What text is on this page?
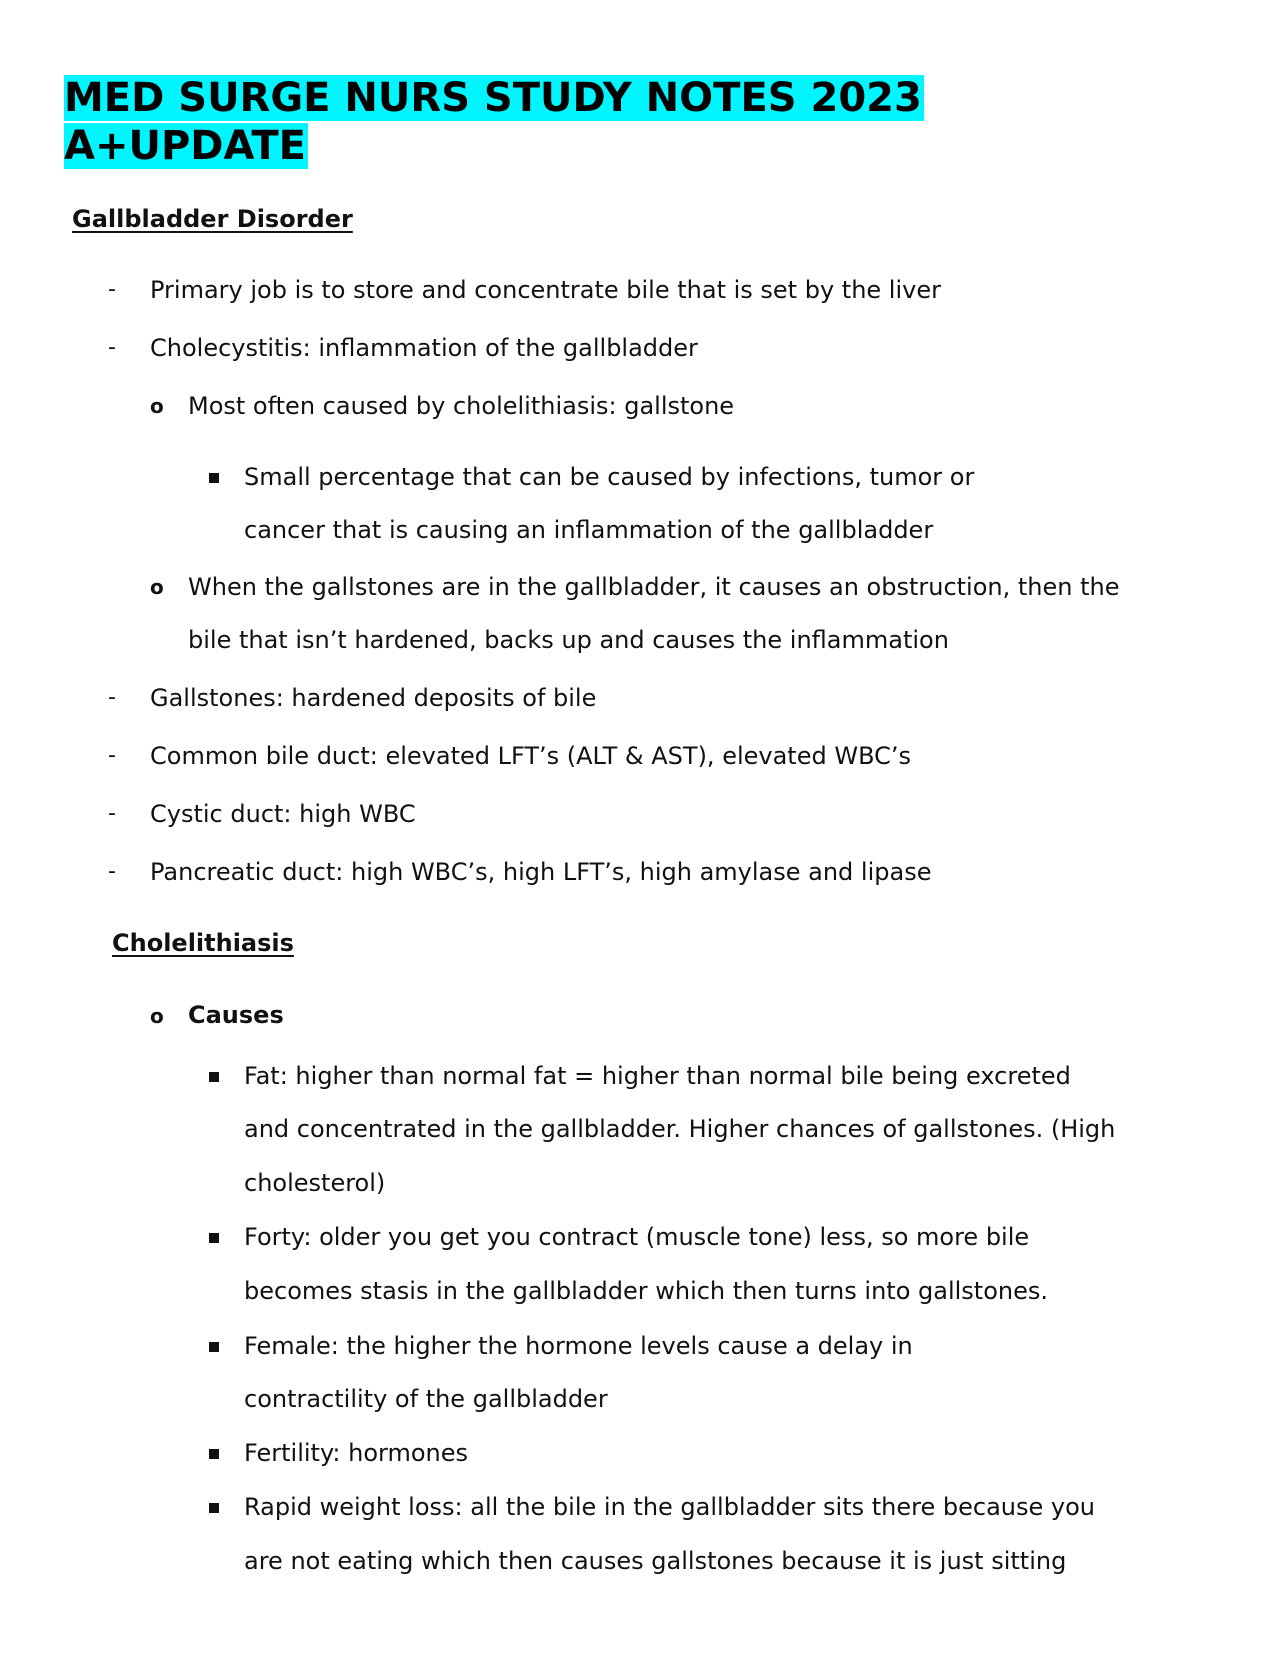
MED SURGE NURS STUDY NOTES 2023
A+UPDATE
Gallbladder Disorder
- Primary job is to store and concentrate bile that is set by the liver
- Cholecystitis: inflammation of the gallbladder
o Most often caused by cholelithiasis: gallstone
Small percentage that can be caused by infections, tumor or
cancer that is causing an inflammation of the gallbladder
o When the gallstones are in the gallbladder, it causes an obstruction, then the
bile that isn’t hardened, backs up and causes the inflammation
- Gallstones: hardened deposits of bile
- Common bile duct: elevated LFT’s (ALT & AST), elevated WBC’s
- Cystic duct: high WBC
- Pancreatic duct: high WBC’s, high LFT’s, high amylase and lipase
Cholelithiasis
o Causes
Fat: higher than normal fat = higher than normal bile being excreted
and concentrated in the gallbladder. Higher chances of gallstones. (High
cholesterol)
Forty: older you get you contract (muscle tone) less, so more bile
becomes stasis in the gallbladder which then turns into gallstones.
Female: the higher the hormone levels cause a delay in
contractility of the gallbladder
Fertility: hormones
Rapid weight loss: all the bile in the gallbladder sits there because you
are not eating which then causes gallstones because it is just sitting
